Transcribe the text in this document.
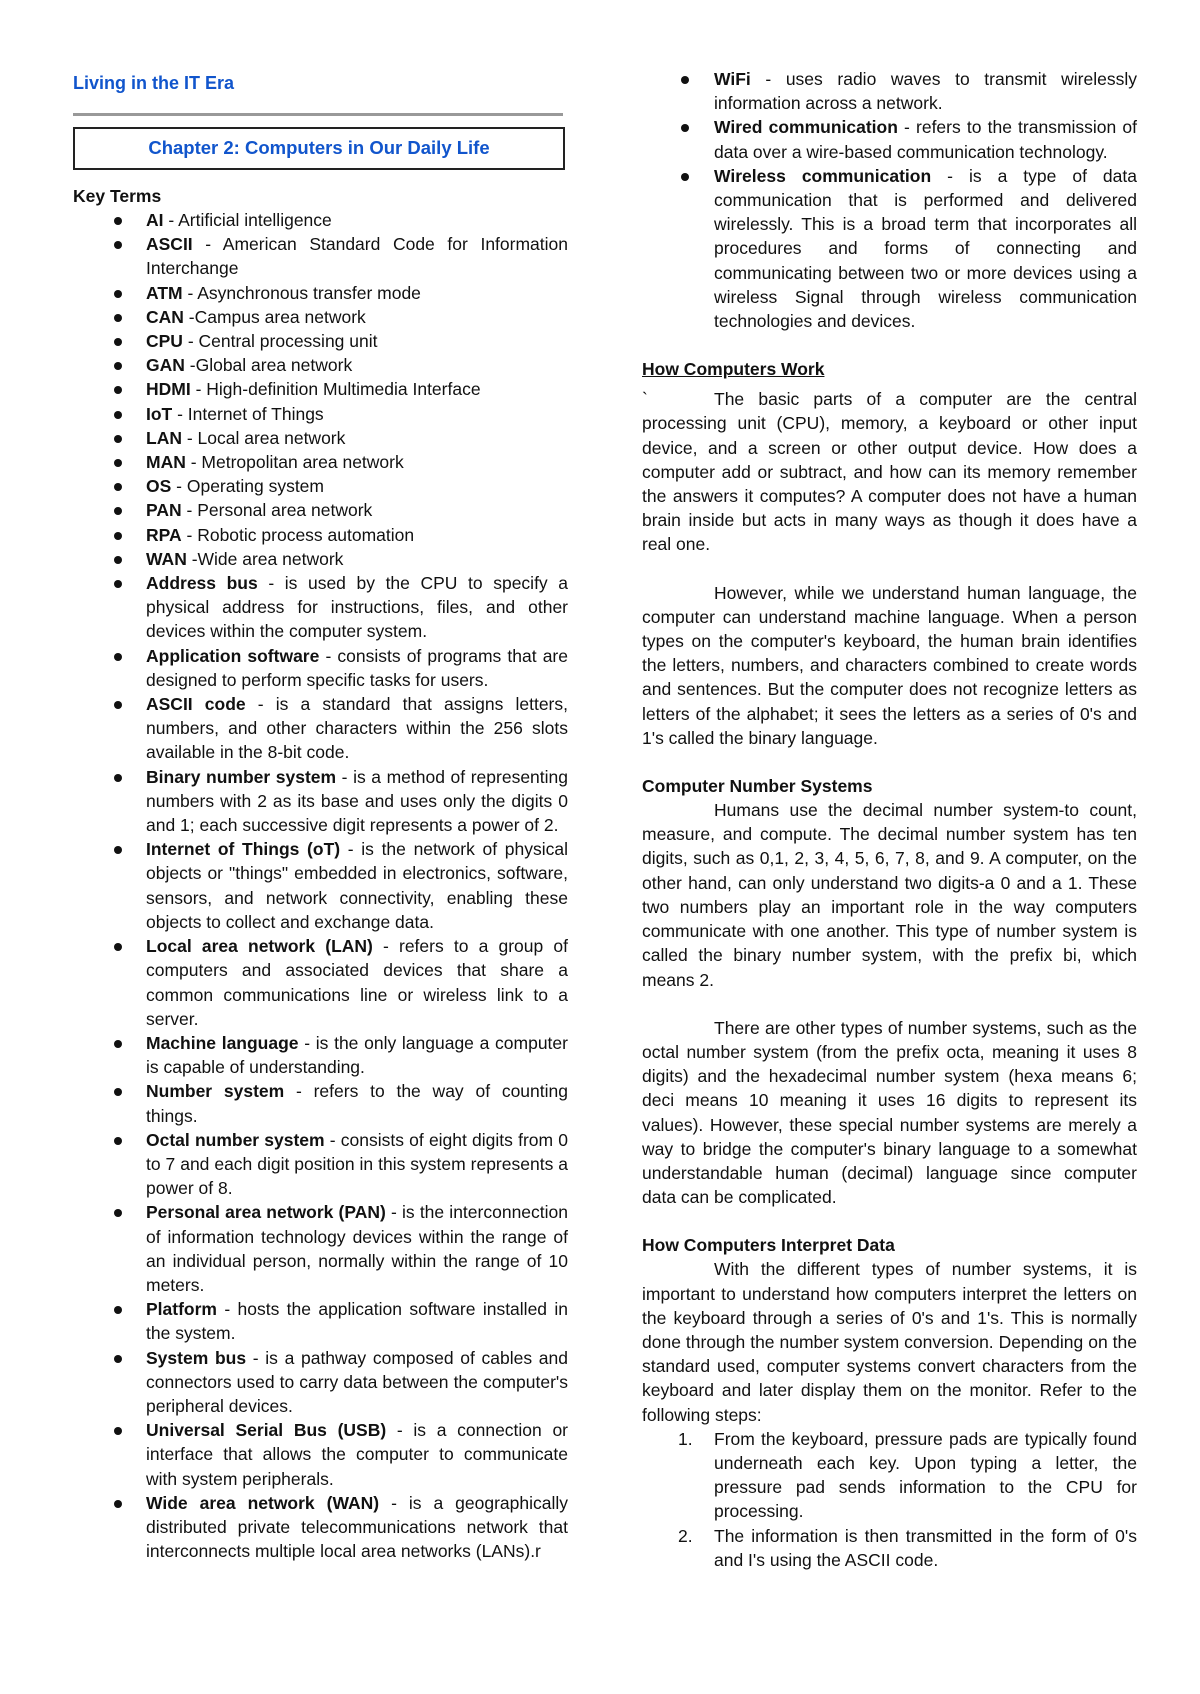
Living in the IT Era
Chapter 2: Computers in Our Daily Life
Key Terms
AI - Artificial intelligence
ASCII - American Standard Code for Information Interchange
ATM - Asynchronous transfer mode
CAN -Campus area network
CPU - Central processing unit
GAN -Global area network
HDMI - High-definition Multimedia Interface
IoT - Internet of Things
LAN - Local area network
MAN - Metropolitan area network
OS - Operating system
PAN - Personal area network
RPA - Robotic process automation
WAN -Wide area network
Address bus - is used by the CPU to specify a physical address for instructions, files, and other devices within the computer system.
Application software - consists of programs that are designed to perform specific tasks for users.
ASCII code - is a standard that assigns letters, numbers, and other characters within the 256 slots available in the 8-bit code.
Binary number system - is a method of representing numbers with 2 as its base and uses only the digits 0 and 1; each successive digit represents a power of 2.
Internet of Things (oT) - is the network of physical objects or "things" embedded in electronics, software, sensors, and network connectivity, enabling these objects to collect and exchange data.
Local area network (LAN) - refers to a group of computers and associated devices that share a common communications line or wireless link to a server.
Machine language - is the only language a computer is capable of understanding.
Number system - refers to the way of counting things.
Octal number system - consists of eight digits from 0 to 7 and each digit position in this system represents a power of 8.
Personal area network (PAN) - is the interconnection of information technology devices within the range of an individual person, normally within the range of 10 meters.
Platform - hosts the application software installed in the system.
System bus - is a pathway composed of cables and connectors used to carry data between the computer's peripheral devices.
Universal Serial Bus (USB) - is a connection or interface that allows the computer to communicate with system peripherals.
Wide area network (WAN) - is a geographically distributed private telecommunications network that interconnects multiple local area networks (LANs).r
WiFi - uses radio waves to transmit wirelessly information across a network.
Wired communication - refers to the transmission of data over a wire-based communication technology.
Wireless communication - is a type of data communication that is performed and delivered wirelessly. This is a broad term that incorporates all procedures and forms of connecting and communicating between two or more devices using a wireless Signal through wireless communication technologies and devices.
How Computers Work
`	The basic parts of a computer are the central processing unit (CPU), memory, a keyboard or other input device, and a screen or other output device. How does a computer add or subtract, and how can its memory remember the answers it computes? A computer does not have a human brain inside but acts in many ways as though it does have a real one.

However, while we understand human language, the computer can understand machine language. When a person types on the computer's keyboard, the human brain identifies the letters, numbers, and characters combined to create words and sentences. But the computer does not recognize letters as letters of the alphabet; it sees the letters as a series of 0's and 1's called the binary language.

Computer Number Systems

Humans use the decimal number system-to count, measure, and compute. The decimal number system has ten digits, such as 0,1, 2, 3, 4, 5, 6, 7, 8, and 9. A computer, on the other hand, can only understand two digits-a 0 and a 1. These two numbers play an important role in the way computers communicate with one another. This type of number system is called the binary number system, with the prefix bi, which means 2.

There are other types of number systems, such as the octal number system (from the prefix octa, meaning it uses 8 digits) and the hexadecimal number system (hexa means 6; deci means 10 meaning it uses 16 digits to represent its values). However, these special number systems are merely a way to bridge the computer's binary language to a somewhat understandable human (decimal) language since computer data can be complicated.

How Computers Interpret Data

With the different types of number systems, it is important to understand how computers interpret the letters on the keyboard through a series of 0's and 1's. This is normally done through the number system conversion. Depending on the standard used, computer systems convert characters from the keyboard and later display them on the monitor. Refer to the following steps:

1. From the keyboard, pressure pads are typically found underneath each key. Upon typing a letter, the pressure pad sends information to the CPU for processing.
2. The information is then transmitted in the form of 0's and I's using the ASCII code.
